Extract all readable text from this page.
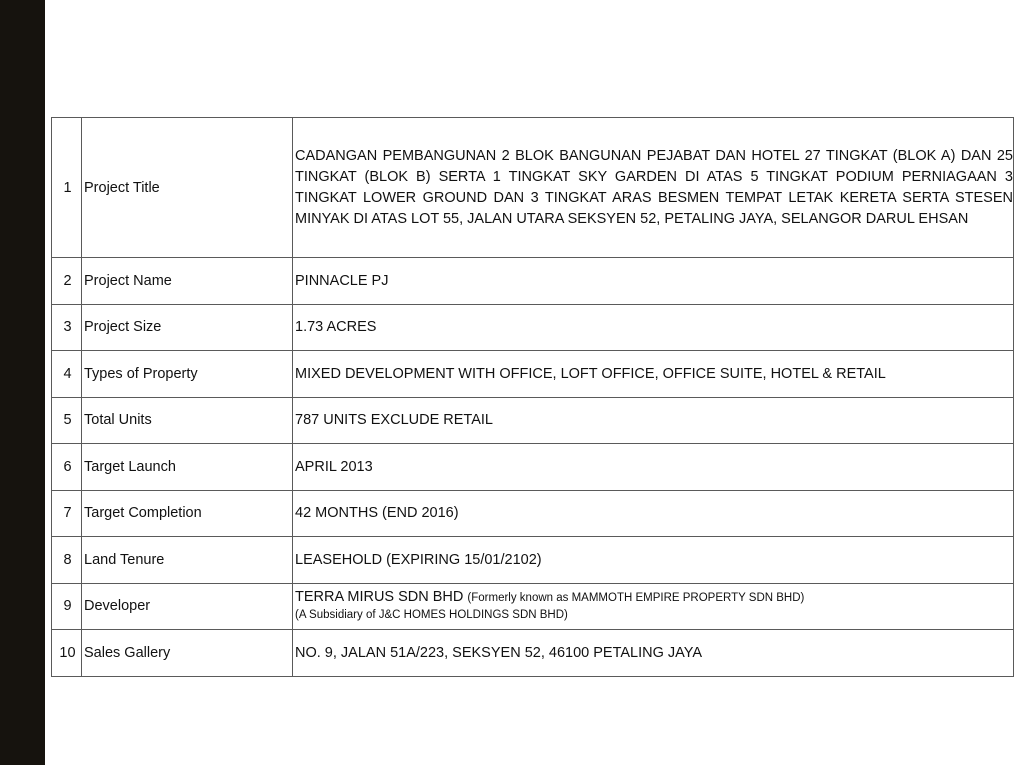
1	Project Title	CADANGAN PEMBANGUNAN 2 BLOK BANGUNAN PEJABAT DAN HOTEL 27 TINGKAT (BLOK A) DAN 25 TINGKAT (BLOK B) SERTA 1 TINGKAT SKY GARDEN DI ATAS 5 TINGKAT PODIUM PERNIAGAAN 3 TINGKAT LOWER GROUND DAN 3 TINGKAT ARAS BESMEN TEMPAT LETAK KERETA SERTA STESEN MINYAK DI ATAS LOT 55, JALAN UTARA SEKSYEN 52, PETALING JAYA, SELANGOR DARUL EHSAN
2	Project Name	PINNACLE PJ
3	Project Size	1.73 ACRES
4	Types of Property	MIXED DEVELOPMENT WITH OFFICE, LOFT OFFICE, OFFICE SUITE, HOTEL & RETAIL
5	Total Units	787 UNITS EXCLUDE RETAIL
6	Target Launch	APRIL 2013
7	Target Completion	42 MONTHS (END 2016)
8	Land Tenure	LEASEHOLD (EXPIRING 15/01/2102)
9	Developer	TERRA MIRUS SDN BHD (Formerly known as MAMMOTH EMPIRE PROPERTY SDN BHD)
(A Subsidiary of J&C HOMES HOLDINGS SDN BHD)

10	Sales Gallery	NO. 9, JALAN 51A/223, SEKSYEN 52, 46100 PETALING JAYA
